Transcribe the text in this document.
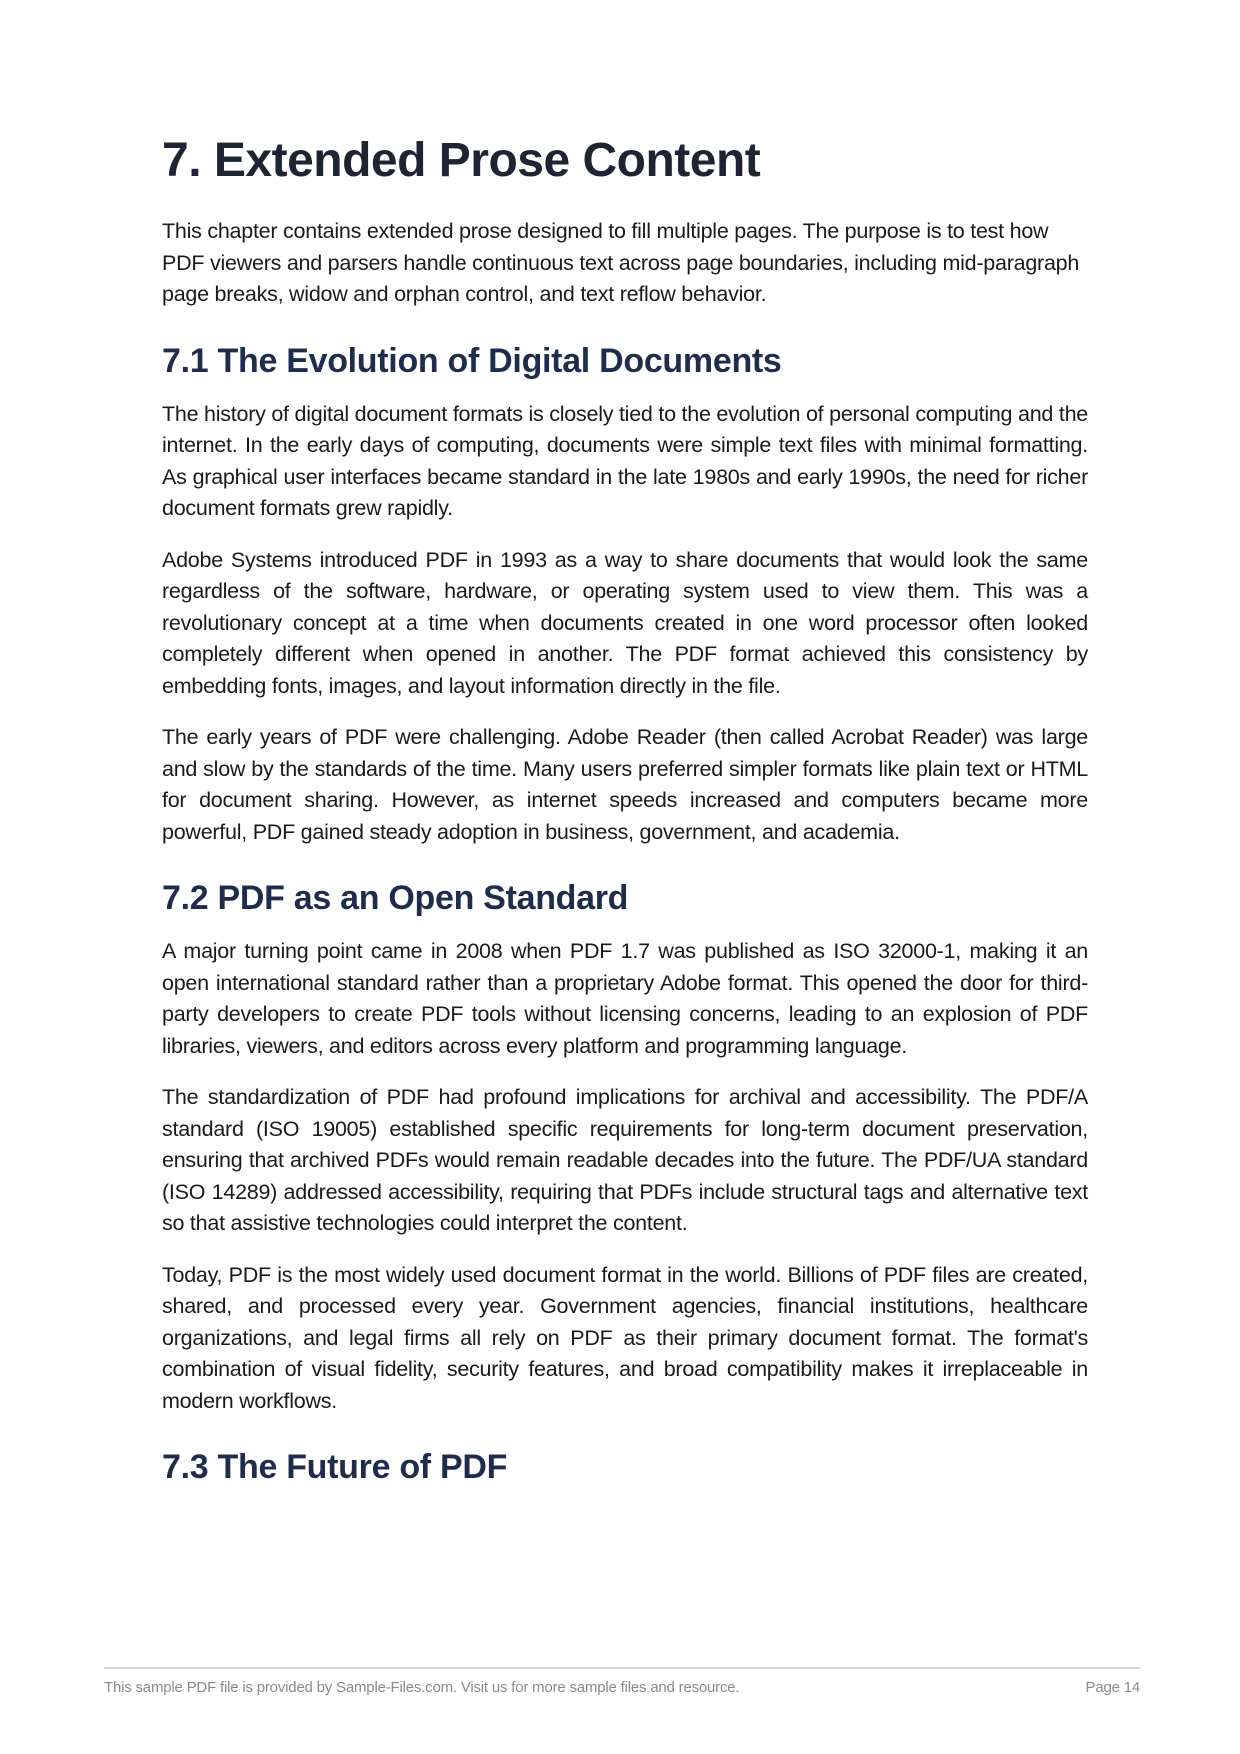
7. Extended Prose Content

This chapter contains extended prose designed to fill multiple pages. The purpose is to test how PDF viewers and parsers handle continuous text across page boundaries, including mid-paragraph page breaks, widow and orphan control, and text reflow behavior.

7.1 The Evolution of Digital Documents

The history of digital document formats is closely tied to the evolution of personal computing and the internet. In the early days of computing, documents were simple text files with minimal formatting. As graphical user interfaces became standard in the late 1980s and early 1990s, the need for richer document formats grew rapidly.

Adobe Systems introduced PDF in 1993 as a way to share documents that would look the same regardless of the software, hardware, or operating system used to view them. This was a revolutionary concept at a time when documents created in one word processor often looked completely different when opened in another. The PDF format achieved this consistency by embedding fonts, images, and layout information directly in the file.

The early years of PDF were challenging. Adobe Reader (then called Acrobat Reader) was large and slow by the standards of the time. Many users preferred simpler formats like plain text or HTML for document sharing. However, as internet speeds increased and computers became more powerful, PDF gained steady adoption in business, government, and academia.

7.2 PDF as an Open Standard

A major turning point came in 2008 when PDF 1.7 was published as ISO 32000-1, making it an open international standard rather than a proprietary Adobe format. This opened the door for third-party developers to create PDF tools without licensing concerns, leading to an explosion of PDF libraries, viewers, and editors across every platform and programming language.

The standardization of PDF had profound implications for archival and accessibility. The PDF/A standard (ISO 19005) established specific requirements for long-term document preservation, ensuring that archived PDFs would remain readable decades into the future. The PDF/UA standard (ISO 14289) addressed accessibility, requiring that PDFs include structural tags and alternative text so that assistive technologies could interpret the content.

Today, PDF is the most widely used document format in the world. Billions of PDF files are created, shared, and processed every year. Government agencies, financial institutions, healthcare organizations, and legal firms all rely on PDF as their primary document format. The format's combination of visual fidelity, security features, and broad compatibility makes it irreplaceable in modern workflows.

7.3 The Future of PDF
This sample PDF file is provided by Sample-Files.com. Visit us for more sample files and resource.	Page 14
